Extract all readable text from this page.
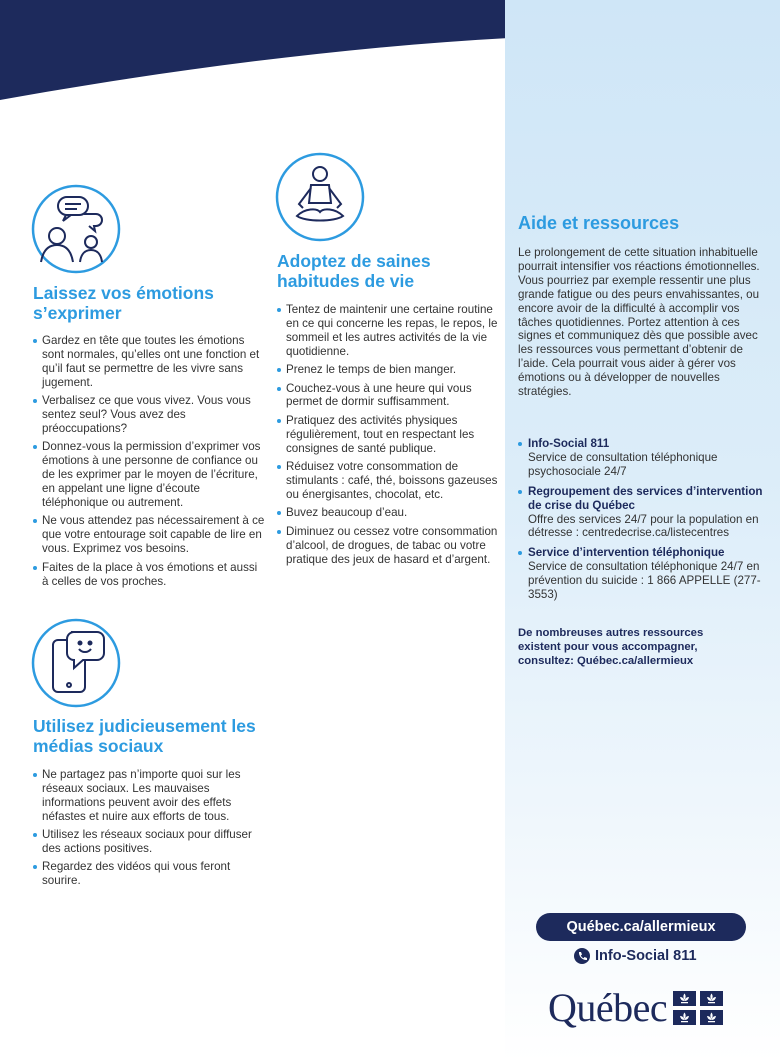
Laissez vos émotions s’exprimer
Gardez en tête que toutes les émotions sont normales, qu’elles ont une fonction et qu’il faut se permettre de les vivre sans jugement.
Verbalisez ce que vous vivez. Vous vous sentez seul? Vous avez des préoccupations?
Donnez-vous la permission d’exprimer vos émotions à une personne de confiance ou de les exprimer par le moyen de l’écriture, en appelant une ligne d’écoute téléphonique ou autrement.
Ne vous attendez pas nécessairement à ce que votre entourage soit capable de lire en vous. Exprimez vos besoins.
Faites de la place à vos émotions et aussi à celles de vos proches.
Adoptez de saines habitudes de vie
Tentez de maintenir une certaine routine en ce qui concerne les repas, le repos, le sommeil et les autres activités de la vie quotidienne.
Prenez le temps de bien manger.
Couchez-vous à une heure qui vous permet de dormir suffisamment.
Pratiquez des activités physiques régulièrement, tout en respectant les consignes de santé publique.
Réduisez votre consommation de stimulants : café, thé, boissons gazeuses ou énergisantes, chocolat, etc.
Buvez beaucoup d’eau.
Diminuez ou cessez votre consommation d’alcool, de drogues, de tabac ou votre pratique des jeux de hasard et d’argent.
Utilisez judicieusement les médias sociaux
Ne partagez pas n’importe quoi sur les réseaux sociaux. Les mauvaises informations peuvent avoir des effets néfastes et nuire aux efforts de tous.
Utilisez les réseaux sociaux pour diffuser des actions positives.
Regardez des vidéos qui vous feront sourire.
Aide et ressources

Le prolongement de cette situation inhabituelle pourrait intensifier vos réactions émotionnelles. Vous pourriez par exemple ressentir une plus grande fatigue ou des peurs envahissantes, ou encore avoir de la difficulté à accomplir vos tâches quotidiennes. Portez attention à ces signes et communiquez dès que possible avec les ressources vous permettant d’obtenir de l’aide. Cela pourrait vous aider à gérer vos émotions ou à développer de nouvelles stratégies.

Info-Social 811
Service de consultation téléphonique psychosociale 24/7
Regroupement des services d’intervention de crise du Québec
Offre des services 24/7 pour la population en détresse : centredecrise.ca/listecentres
Service d’intervention téléphonique
Service de consultation téléphonique 24/7 en prévention du suicide : 1 866 APPELLE (277-3553)

De nombreuses autres ressources existent pour vous accompagner, consultez: Québec.ca/allermieux

Québec.ca/allermieux
Info-Social 811
Québec
